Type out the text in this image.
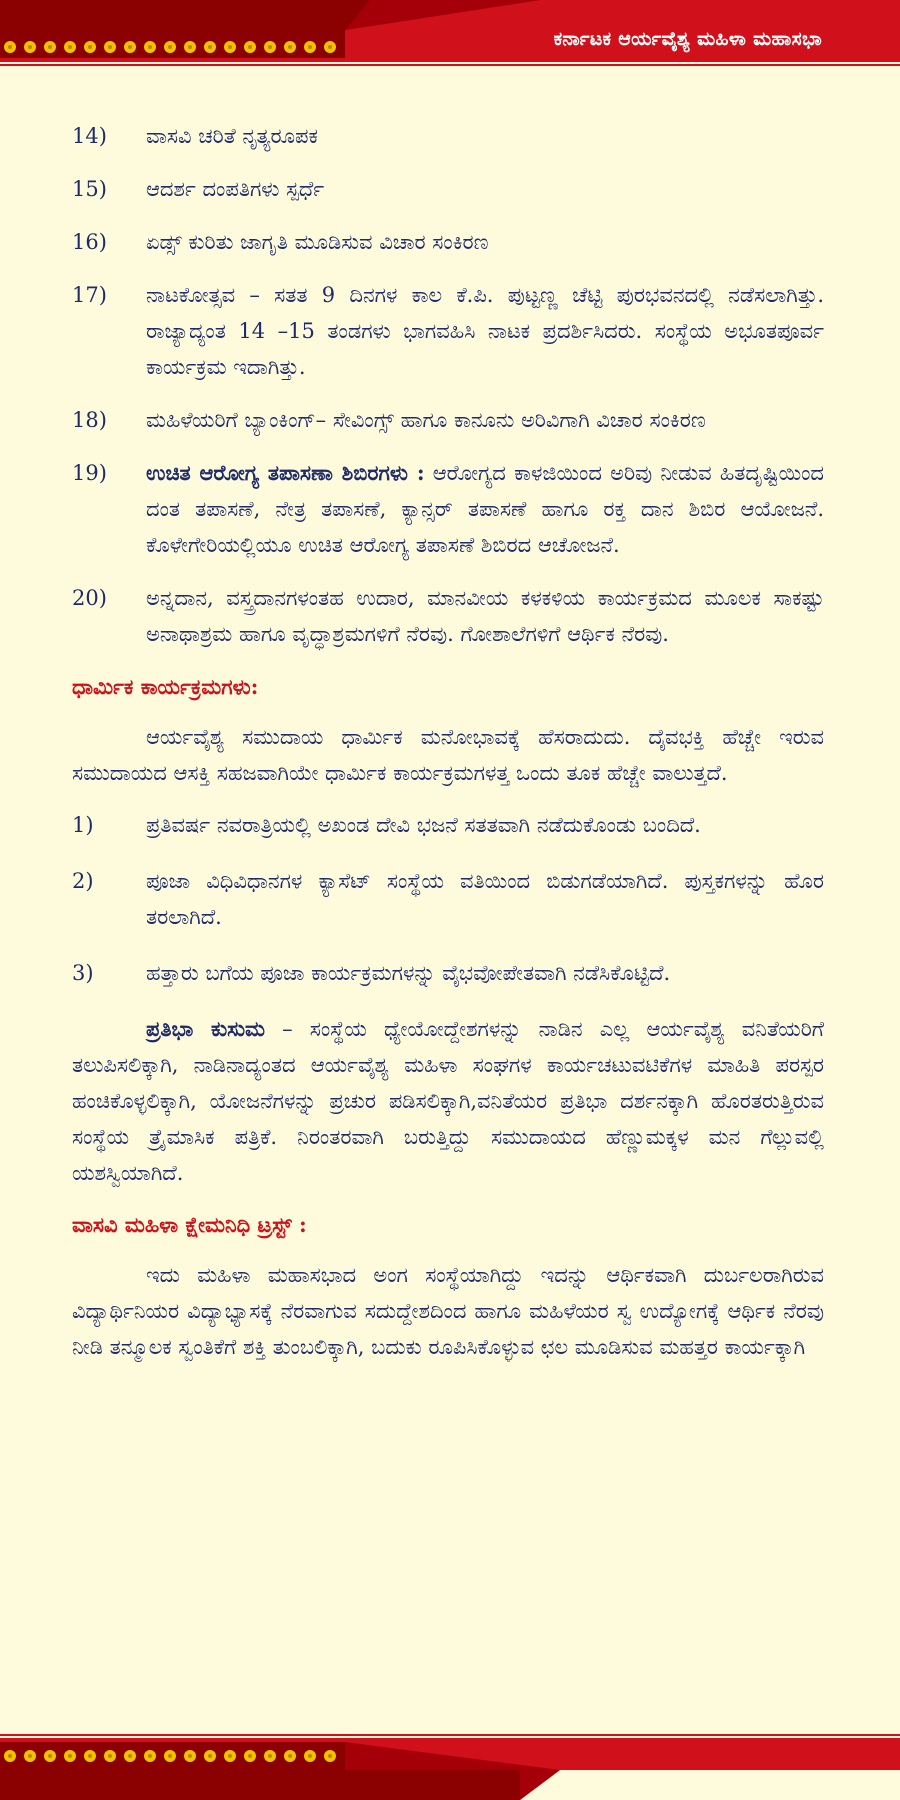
ಕರ್ನಾಟಕ ಆರ್ಯವೈಶ್ಯ ಮಹಿಳಾ ಮಹಾಸಭಾ
14)	ವಾಸವಿ ಚರಿತೆ ನೃತ್ಯರೂಪಕ
15)	ಆದರ್ಶ ದಂಪತಿಗಳು ಸ್ಪರ್ಧೆ
16)	ಏಡ್ಸ್ ಕುರಿತು ಜಾಗೃತಿ ಮೂಡಿಸುವ ವಿಚಾರ ಸಂಕಿರಣ
17)	ನಾಟಕೋತ್ಸವ – ಸತತ 9 ದಿನಗಳ ಕಾಲ ಕೆ.ಪಿ. ಪುಟ್ಟಣ್ಣ ಚೆಟ್ಟಿ ಪುರಭವನದಲ್ಲಿ ನಡೆಸಲಾಗಿತ್ತು. ರಾಜ್ಯಾದ್ಯಂತ 14 –15 ತಂಡಗಳು ಭಾಗವಹಿಸಿ ನಾಟಕ ಪ್ರದರ್ಶಿಸಿದರು. ಸಂಸ್ಥೆಯ ಅಭೂತಪೂರ್ವ ಕಾರ್ಯಕ್ರಮ ಇದಾಗಿತ್ತು.
18)	ಮಹಿಳೆಯರಿಗೆ ಬ್ಯಾಂಕಿಂಗ್– ಸೇವಿಂಗ್ಸ್ ಹಾಗೂ ಕಾನೂನು ಅರಿವಿಗಾಗಿ ವಿಚಾರ ಸಂಕಿರಣ
19)	ಉಚಿತ ಆರೋಗ್ಯ ತಪಾಸಣಾ ಶಿಬಿರಗಳು : ಆರೋಗ್ಯದ ಕಾಳಜಿಯಿಂದ ಅರಿವು ನೀಡುವ ಹಿತದೃಷ್ಟಿಯಿಂದ ದಂತ ತಪಾಸಣೆ, ನೇತ್ರ ತಪಾಸಣೆ, ಕ್ಯಾನ್ಸರ್ ತಪಾಸಣೆ ಹಾಗೂ ರಕ್ತ ದಾನ ಶಿಬಿರ ಆಯೋಜನೆ. ಕೊಳೇಗೇರಿಯಲ್ಲಿಯೂ ಉಚಿತ ಆರೋಗ್ಯ ತಪಾಸಣೆ ಶಿಬಿರದ ಆಚೋಜನೆ.
20)	ಅನ್ನದಾನ, ವಸ್ತ್ರದಾನಗಳಂತಹ ಉದಾರ, ಮಾನವೀಯ ಕಳಕಳಿಯ ಕಾರ್ಯಕ್ರಮದ ಮೂಲಕ ಸಾಕಷ್ಟು ಅನಾಥಾಶ್ರಮ ಹಾಗೂ ವೃದ್ಧಾಶ್ರಮಗಳಿಗೆ ನೆರವು. ಗೋಶಾಲೆಗಳಿಗೆ ಆರ್ಥಿಕ ನೆರವು.
ಧಾರ್ಮಿಕ ಕಾರ್ಯಕ್ರಮಗಳು:
ಆರ್ಯವೈಶ್ಯ ಸಮುದಾಯ ಧಾರ್ಮಿಕ ಮನೋಭಾವಕ್ಕೆ ಹೆಸರಾದುದು. ದೈವಭಕ್ತಿ ಹೆಚ್ಚೇ ಇರುವ ಸಮುದಾಯದ ಆಸಕ್ತಿ ಸಹಜವಾಗಿಯೇ ಧಾರ್ಮಿಕ ಕಾರ್ಯಕ್ರಮಗಳತ್ತ ಒಂದು ತೂಕ ಹೆಚ್ಚೇ ವಾಲುತ್ತದೆ.
1)	ಪ್ರತಿವರ್ಷ ನವರಾತ್ರಿಯಲ್ಲಿ ಅಖಂಡ ದೇವಿ ಭಜನೆ ಸತತವಾಗಿ ನಡೆದುಕೊಂಡು ಬಂದಿದೆ.
2)	ಪೂಜಾ ವಿಧಿವಿಧಾನಗಳ ಕ್ಯಾಸೆಟ್ ಸಂಸ್ಥೆಯ ವತಿಯಿಂದ ಬಿಡುಗಡೆಯಾಗಿದೆ. ಪುಸ್ತಕಗಳನ್ನು ಹೊರ ತರಲಾಗಿದೆ.
3)	ಹತ್ತಾರು ಬಗೆಯ ಪೂಜಾ ಕಾರ್ಯಕ್ರಮಗಳನ್ನು ವೈಭವೋಪೇತವಾಗಿ ನಡೆಸಿಕೊಟ್ಟಿದೆ.
ಪ್ರತಿಭಾ ಕುಸುಮ – ಸಂಸ್ಥೆಯ ಧ್ಯೇಯೋದ್ದೇಶಗಳನ್ನು ನಾಡಿನ ಎಲ್ಲ ಆರ್ಯವೈಶ್ಯ ವನಿತೆಯರಿಗೆ ತಲುಪಿಸಲಿಕ್ಕಾಗಿ, ನಾಡಿನಾದ್ಯಂತದ ಆರ್ಯವೈಶ್ಯ ಮಹಿಳಾ ಸಂಘಗಳ ಕಾರ್ಯಚಟುವಟಿಕೆಗಳ ಮಾಹಿತಿ ಪರಸ್ಪರ ಹಂಚಿಕೊಳ್ಳಲಿಕ್ಕಾಗಿ, ಯೋಜನೆಗಳನ್ನು ಪ್ರಚುರ ಪಡಿಸಲಿಕ್ಕಾಗಿ,ವನಿತೆಯರ ಪ್ರತಿಭಾ ದರ್ಶನಕ್ಕಾಗಿ ಹೊರತರುತ್ತಿರುವ ಸಂಸ್ಥೆಯ ತ್ರೈಮಾಸಿಕ ಪತ್ರಿಕೆ. ನಿರಂತರವಾಗಿ ಬರುತ್ತಿದ್ದು ಸಮುದಾಯದ ಹೆಣ್ಣುಮಕ್ಕಳ ಮನ ಗೆಲ್ಲುವಲ್ಲಿ ಯಶಸ್ವಿಯಾಗಿದೆ.
ವಾಸವಿ ಮಹಿಳಾ ಕ್ಷೇಮನಿಧಿ ಟ್ರಸ್ಟ್ :
ಇದು ಮಹಿಳಾ ಮಹಾಸಭಾದ ಅಂಗ ಸಂಸ್ಥೆಯಾಗಿದ್ದು ಇದನ್ನು ಆರ್ಥಿಕವಾಗಿ ದುರ್ಬಲರಾಗಿರುವ ವಿದ್ಯಾರ್ಥಿನಿಯರ ವಿದ್ಯಾಭ್ಯಾಸಕ್ಕೆ ನೆರವಾಗುವ ಸದುದ್ದೇಶದಿಂದ ಹಾಗೂ ಮಹಿಳೆಯರ ಸ್ವ ಉದ್ಯೋಗಕ್ಕೆ ಆರ್ಥಿಕ ನೆರವು ನೀಡಿ ತನ್ಮೂಲಕ ಸ್ವಂತಿಕೆಗೆ ಶಕ್ತಿ ತುಂಬಲಿಕ್ಕಾಗಿ, ಬದುಕು ರೂಪಿಸಿಕೊಳ್ಳುವ ಛಲ ಮೂಡಿಸುವ ಮಹತ್ತರ ಕಾರ್ಯಕ್ಕಾಗಿ
